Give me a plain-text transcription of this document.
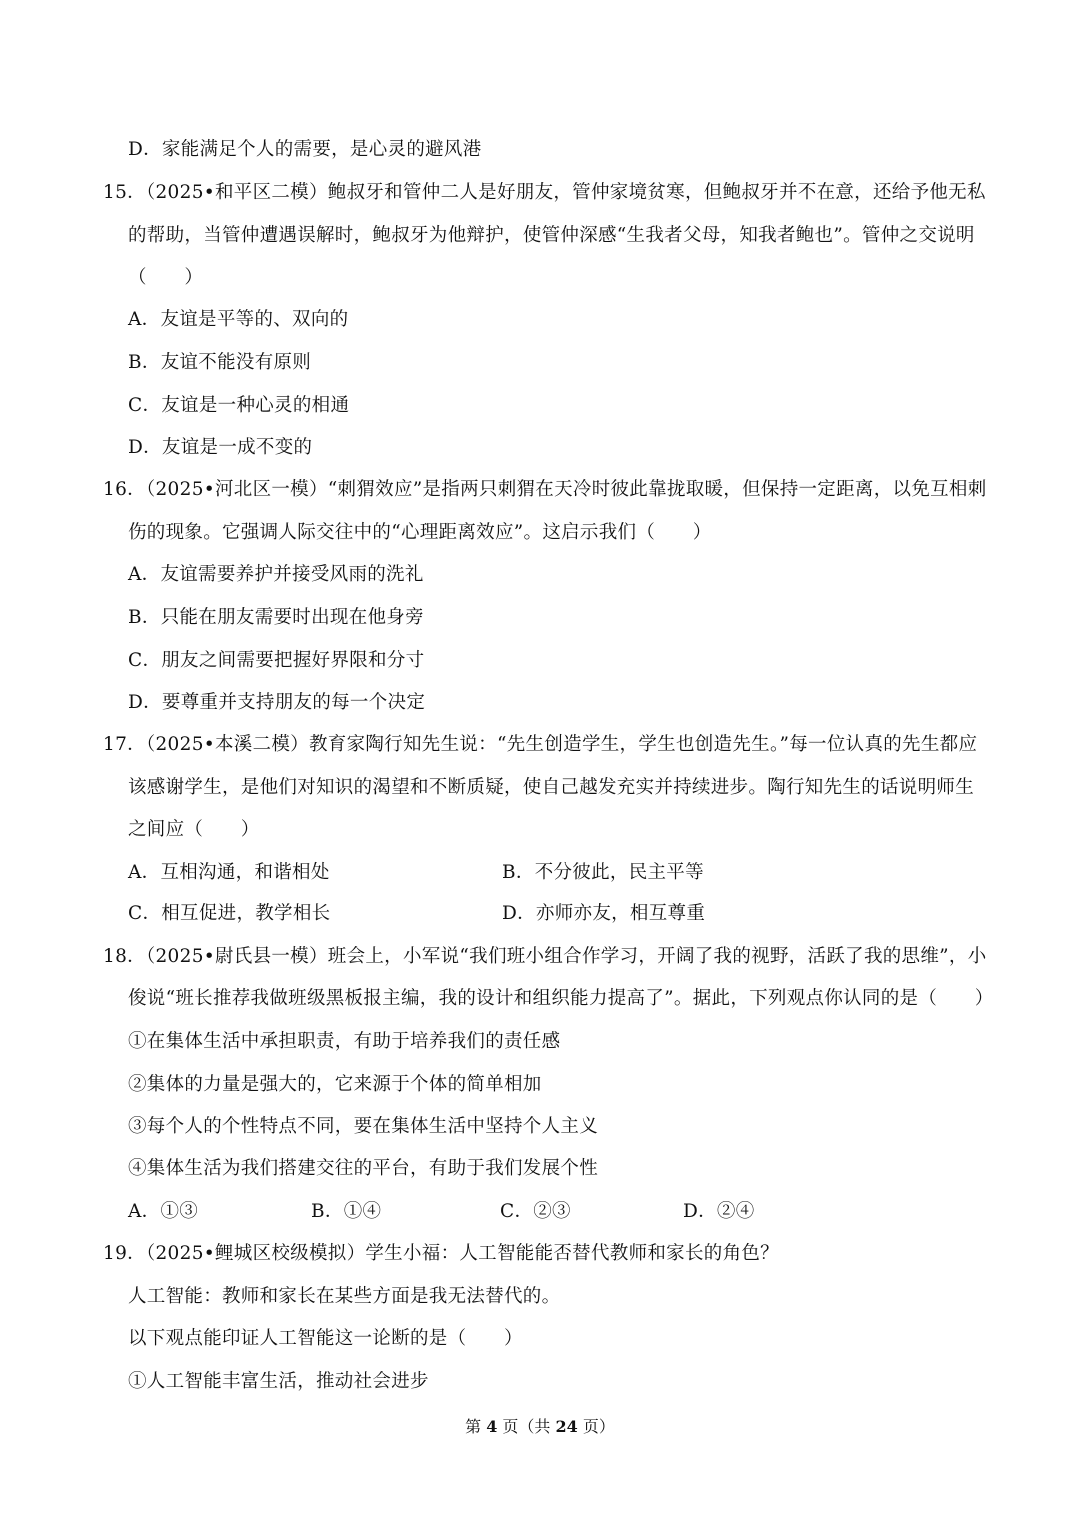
D．家能满足个人的需要，是心灵的避风港
15．（2025•和平区二模）鲍叔牙和管仲二人是好朋友，管仲家境贫寒，但鲍叔牙并不在意，还给予他无私
的帮助，当管仲遭遇误解时，鲍叔牙为他辩护，使管仲深感“生我者父母，知我者鲍也”。管仲之交说明
（　　）
A．友谊是平等的、双向的
B．友谊不能没有原则
C．友谊是一种心灵的相通
D．友谊是一成不变的
16．（2025•河北区一模）“刺猬效应”是指两只刺猬在天冷时彼此靠拢取暖，但保持一定距离，以免互相刺
伤的现象。它强调人际交往中的“心理距离效应”。这启示我们（　　）
A．友谊需要养护并接受风雨的洗礼
B．只能在朋友需要时出现在他身旁
C．朋友之间需要把握好界限和分寸
D．要尊重并支持朋友的每一个决定
17．（2025•本溪二模）教育家陶行知先生说：“先生创造学生，学生也创造先生。”每一位认真的先生都应
该感谢学生，是他们对知识的渴望和不断质疑，使自己越发充实并持续进步。陶行知先生的话说明师生
之间应（　　）
A．互相沟通，和谐相处	B．不分彼此，民主平等
C．相互促进，教学相长	D．亦师亦友，相互尊重
18．（2025•尉氏县一模）班会上，小军说“我们班小组合作学习，开阔了我的视野，活跃了我的思维”，小
俊说“班长推荐我做班级黑板报主编，我的设计和组织能力提高了”。据此，下列观点你认同的是（　　）
①在集体生活中承担职责，有助于培养我们的责任感
②集体的力量是强大的，它来源于个体的简单相加
③每个人的个性特点不同，要在集体生活中坚持个人主义
④集体生活为我们搭建交往的平台，有助于我们发展个性
A．①③	B．①④	C．②③	D．②④
19．（2025•鲤城区校级模拟）学生小福：人工智能能否替代教师和家长的角色？
人工智能：教师和家长在某些方面是我无法替代的。
以下观点能印证人工智能这一论断的是（　　）
①人工智能丰富生活，推动社会进步
第 4 页（共 24 页）
